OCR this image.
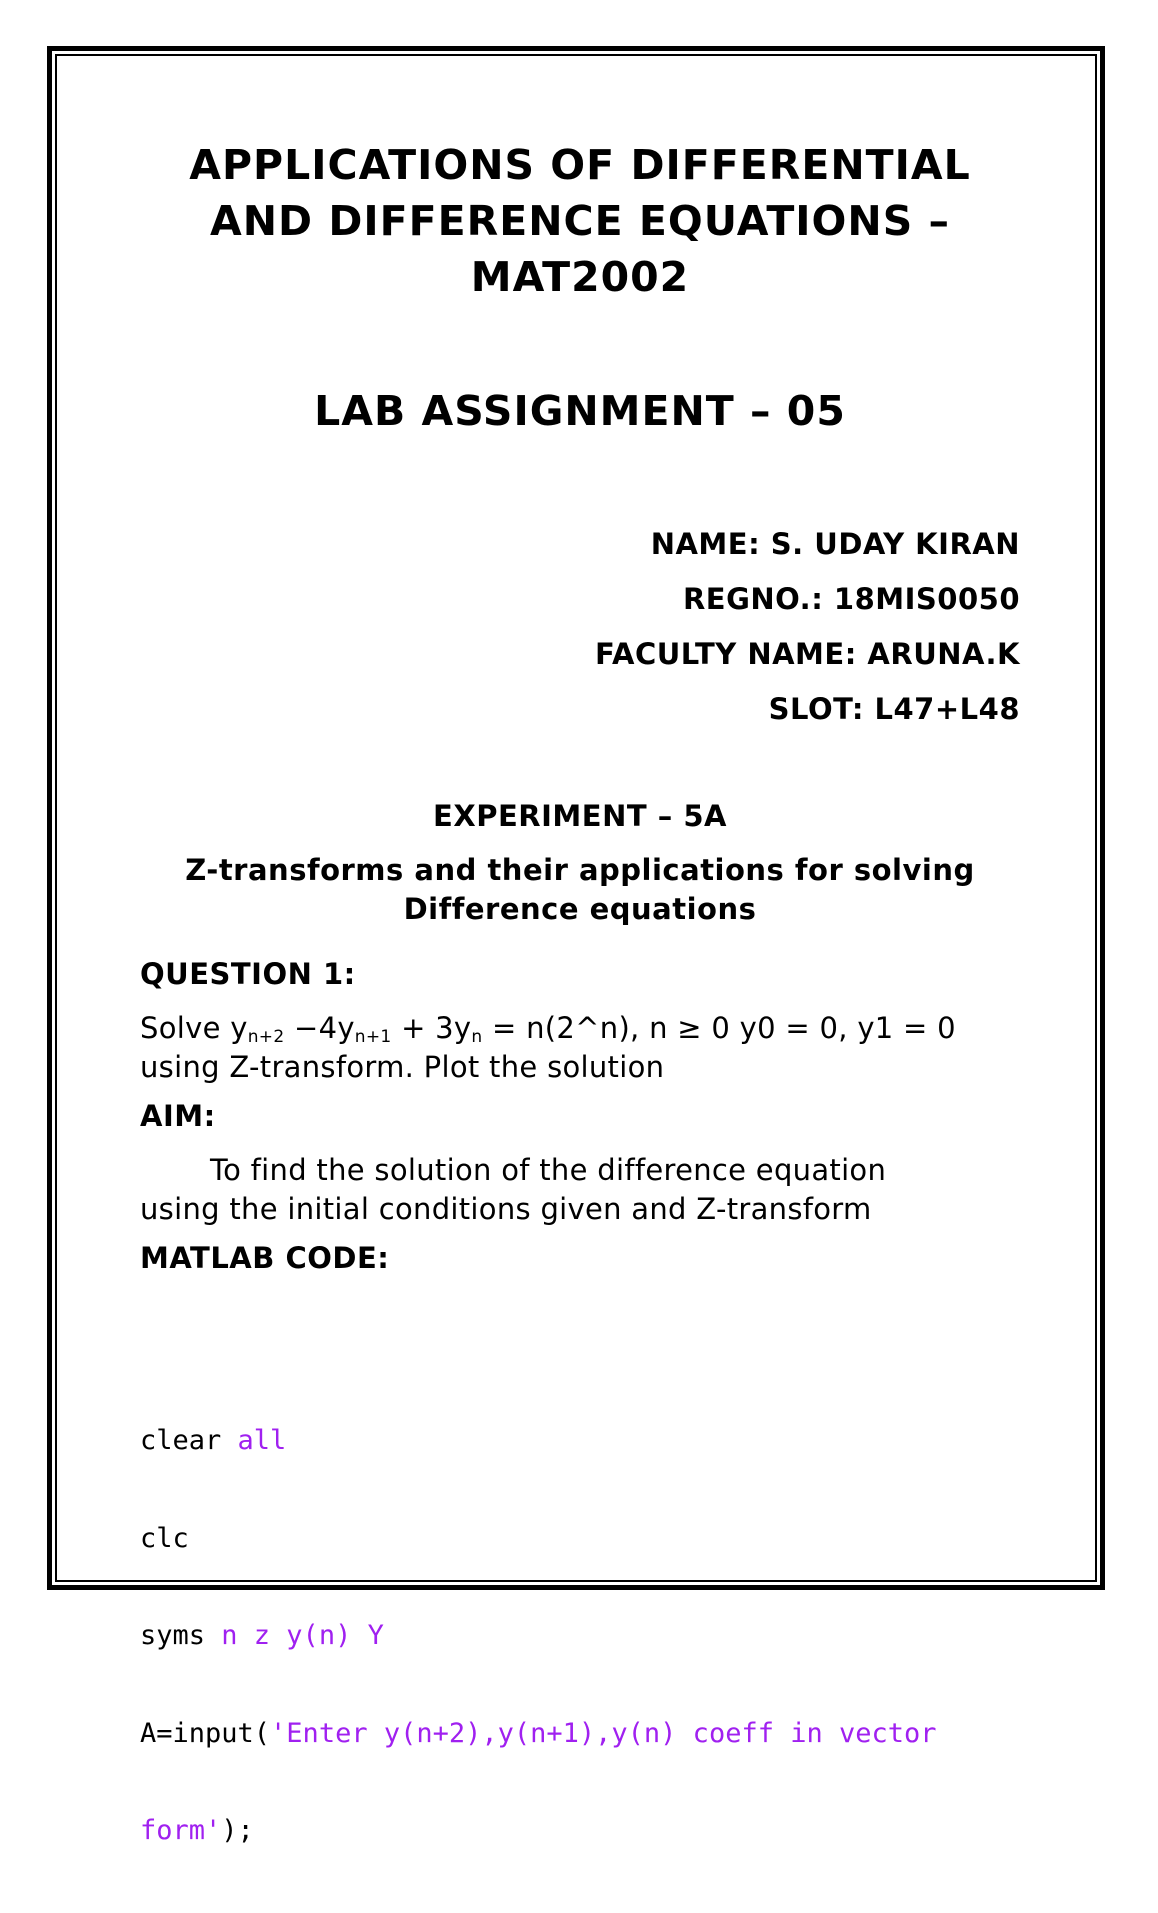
APPLICATIONS OF DIFFERENTIAL
AND DIFFERENCE EQUATIONS –
MAT2002
LAB ASSIGNMENT – 05
NAME: S. UDAY KIRAN
REGNO.: 18MIS0050
FACULTY NAME: ARUNA.K
SLOT: L47+L48
EXPERIMENT – 5A
Z-transforms and their applications for solving
Difference equations
QUESTION 1:
Solve $y_{n+2} -4y_{n+1} + 3y_n$ = n(2^n), n ≥ 0 y0 = 0, y1 = 0
using Z-transform. Plot the solution
AIM:
To find the solution of the difference equation
using the initial conditions given and Z-transform
MATLAB CODE:

clear all

clc

syms n z y(n) Y

A=input('Enter y(n+2),y(n+1),y(n) coeff in vector

form');
